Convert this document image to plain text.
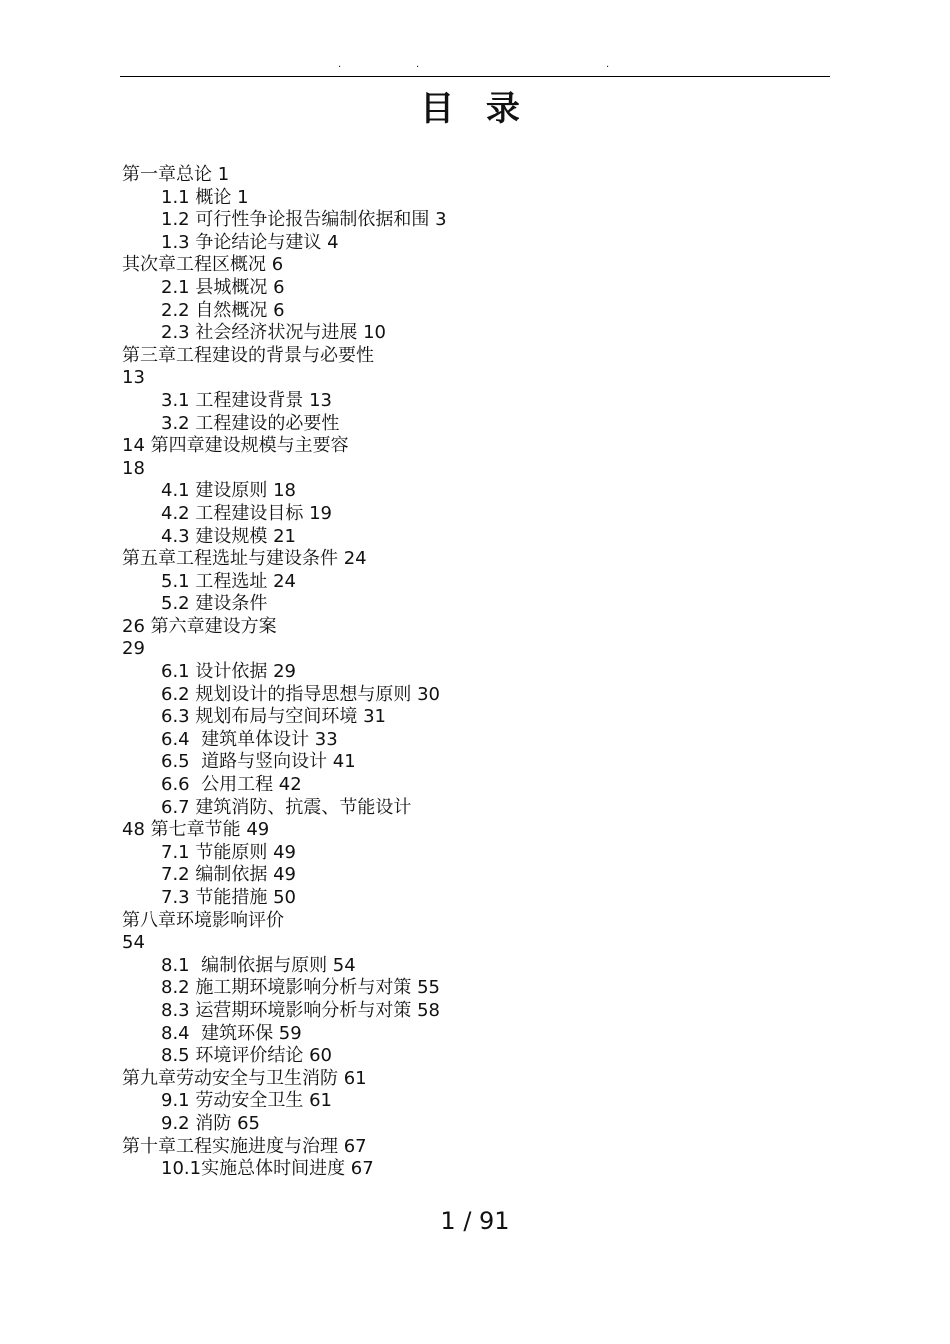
.	.	.
目 录
第一章总论 1
1.1 概论 1
1.2 可行性争论报告编制依据和围 3
1.3 争论结论与建议 4
其次章工程区概况 6
2.1 县城概况 6
2.2 自然概况 6
2.3 社会经济状况与进展 10
第三章工程建设的背景与必要性
13
3.1 工程建设背景 13
3.2 工程建设的必要性
14 第四章建设规模与主要容
18
4.1 建设原则 18
4.2 工程建设目标 19
4.3 建设规模 21
第五章工程选址与建设条件 24
5.1 工程选址 24
5.2 建设条件
26 第六章建设方案
29
6.1 设计依据 29
6.2 规划设计的指导思想与原则 30
6.3 规划布局与空间环境 31
6.4  建筑单体设计 33
6.5  道路与竖向设计 41
6.6  公用工程 42
6.7 建筑消防、抗震、节能设计
48 第七章节能 49
7.1 节能原则 49
7.2 编制依据 49
7.3 节能措施 50
第八章环境影响评价
54
8.1  编制依据与原则 54
8.2 施工期环境影响分析与对策 55
8.3 运营期环境影响分析与对策 58
8.4  建筑环保 59
8.5 环境评价结论 60
第九章劳动安全与卫生消防 61
9.1 劳动安全卫生 61
9.2 消防 65
第十章工程实施进度与治理 67
10.1实施总体时间进度 67
1 / 91
